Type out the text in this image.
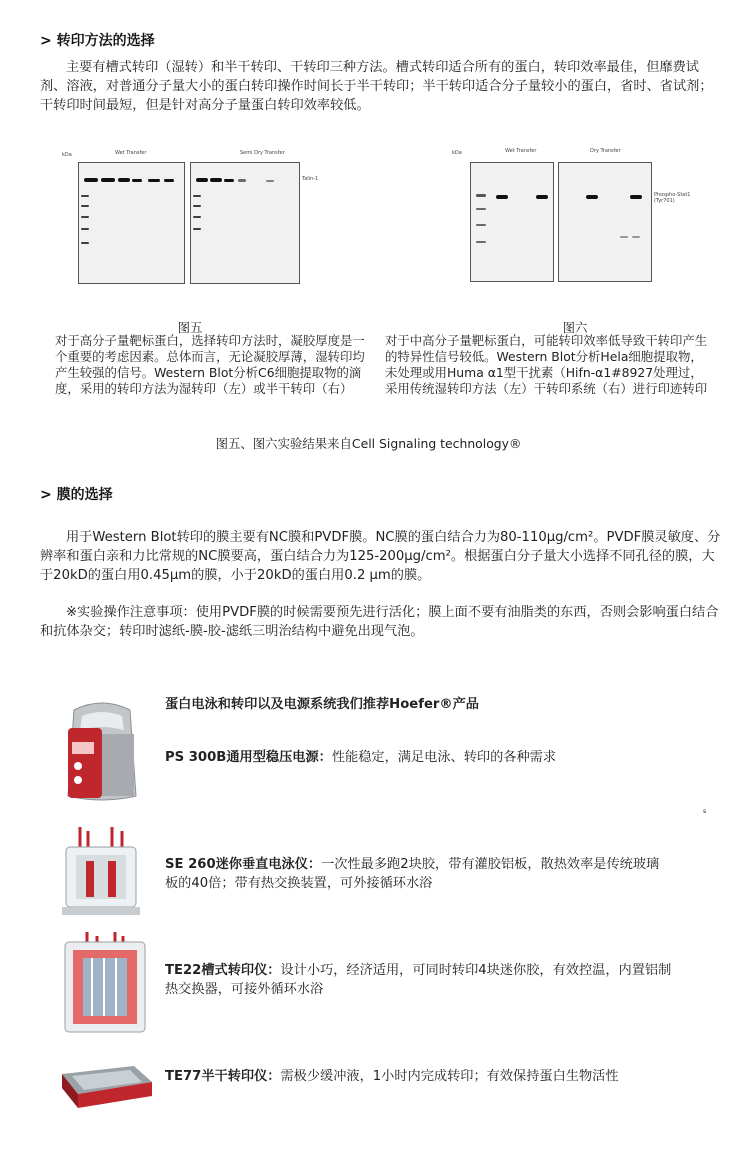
> 转印方法的选择
主要有槽式转印（湿转）和半干转印、干转印三种方法。槽式转印适合所有的蛋白，转印效率最佳，但靡费试剂、溶液，对普通分子量大小的蛋白转印操作时间长于半干转印；半干转印适合分子量较小的蛋白，省时、省试剂；干转印时间最短，但是针对高分子量蛋白转印效率较低。
kDa	Wet Transfer	Semi Dry Transfer
Talin-1
图五
对于高分子量靶标蛋白，选择转印方法时，凝胶厚度是一个重要的考虑因素。总体而言，无论凝胶厚薄，湿转印均产生较强的信号。Western Blot分析C6细胞提取物的滴度，采用的转印方法为湿转印（左）或半干转印（右）
kDa	Wet Transfer	Dry Transfer
Phospho-Stat1 (Tyr701)
图六
对于中高分子量靶标蛋白，可能转印效率低导致干转印产生的特异性信号较低。Western Blot分析Hela细胞提取物，未处理或用Huma α1型干扰素（Hifn-α1#8927处理过，采用传统湿转印方法（左）干转印系统（右）进行印迹转印
图五、图六实验结果来自Cell Signaling technology®
> 膜的选择
用于Western Blot转印的膜主要有NC膜和PVDF膜。NC膜的蛋白结合力为80-110μg/cm²。PVDF膜灵敏度、分辨率和蛋白亲和力比常规的NC膜要高，蛋白结合力为125-200μg/cm²。根据蛋白分子量大小选择不同孔径的膜，大于20kD的蛋白用0.45μm的膜，小于20kD的蛋白用0.2 μm的膜。
※实验操作注意事项：使用PVDF膜的时候需要预先进行活化；膜上面不要有油脂类的东西，否则会影响蛋白结合和抗体杂交；转印时滤纸-膜-胶-滤纸三明治结构中避免出现气泡。
蛋白电泳和转印以及电源系统我们推荐Hoefer®产品
PS 300B通用型稳压电源：性能稳定，满足电泳、转印的各种需求
s
SE 260迷你垂直电泳仪：一次性最多跑2块胶，带有灌胶铝板，散热效率是传统玻璃板的40倍；带有热交换装置，可外接循环水浴
TE22槽式转印仪：设计小巧，经济适用，可同时转印4块迷你胶，有效控温，内置铝制热交换器，可接外循环水浴
TE77半干转印仪：需极少缓冲液，1小时内完成转印；有效保持蛋白生物活性
